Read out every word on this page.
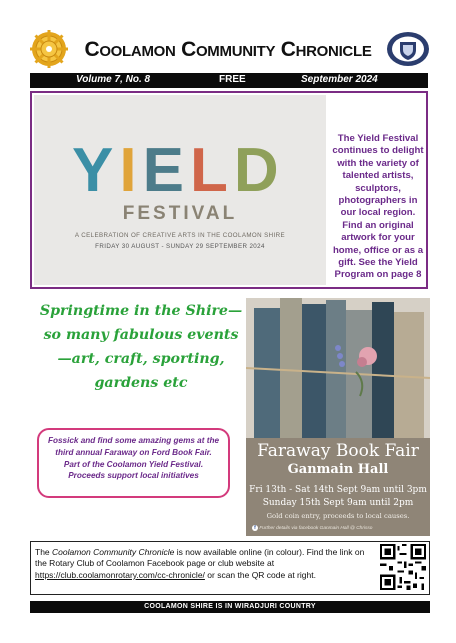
Coolamon Community Chronicle
Volume 7, No. 8	FREE	September 2024
YIELD
FESTIVAL
A CELEBRATION OF CREATIVE ARTS IN THE COOLAMON SHIRE
FRIDAY 30 AUGUST - SUNDAY 29 SEPTEMBER 2024
The Yield Festival continues to delight with the variety of talented artists, sculptors, photographers in our local region. Find an original artwork for your home, office or as a gift. See the Yield Program on page 8
Springtime in the Shire—so many fabulous events—art, craft, sporting, gardens etc
Fossick and find some amazing gems at the third annual Faraway on Ford Book Fair. Part of the Coolamon Yield Festival. Proceeds support local initiatives
Faraway Book Fair
Ganmain Hall
Fri 13th - Sat 14th Sept 9am until 3pm
Sunday 15th Sept 9am until 2pm
Gold coin entry, proceeds to local causes.
f Further details via facebook Ganmain Hall @ Chrisso
The Coolamon Community Chronicle is now available online (in colour). Find the link on the Rotary Club of Coolamon Facebook page or club website at https://club.coolamonrotary.com/cc-chronicle/ or scan the QR code at right.
COOLAMON SHIRE IS IN WIRADJURI COUNTRY
